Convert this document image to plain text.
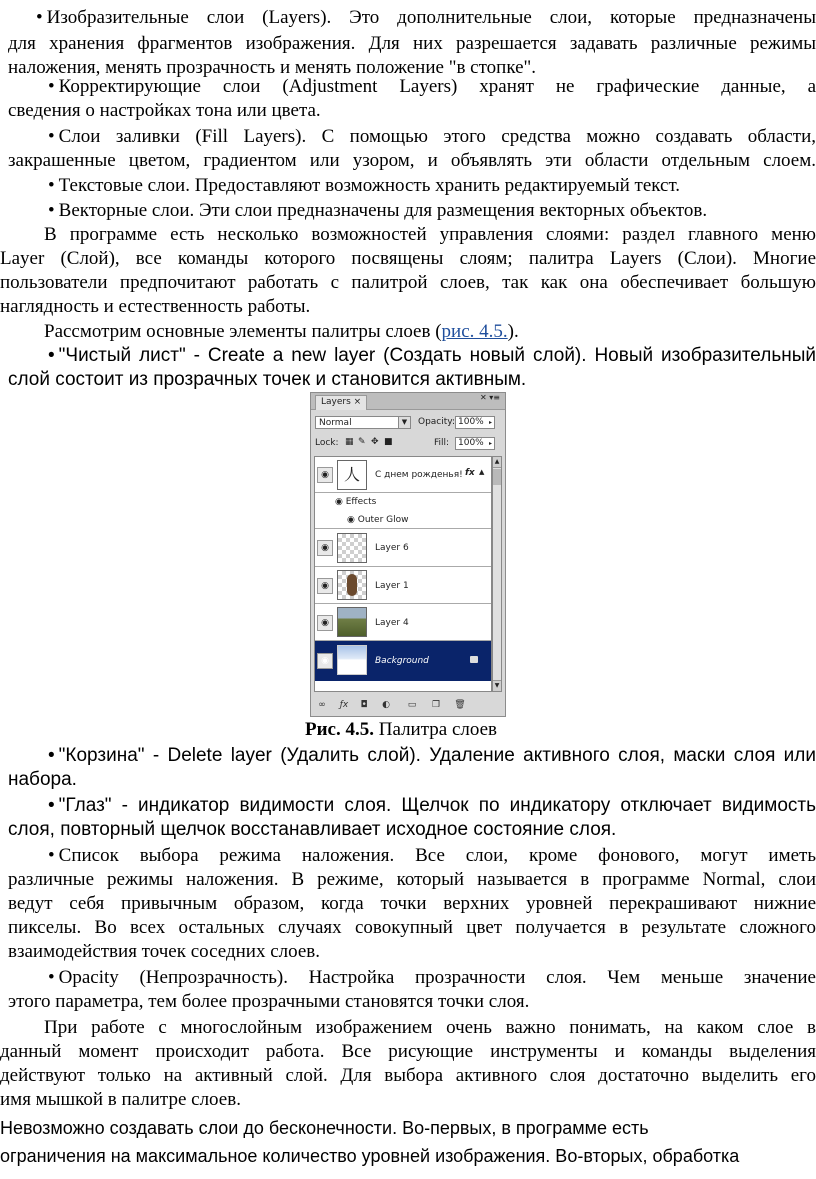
• Изобразительные слои (Layers). Это дополнительные слои, которые предназначены
для хранения фрагментов изображения. Для них разрешается задавать различные режимы
наложения, менять прозрачность и менять положение "в стопке".
• Корректирующие слои (Adjustment Layers) хранят не графические данные, а
сведения о настройках тона или цвета.
• Слои заливки (Fill Layers). С помощью этого средства можно создавать области,
закрашенные цветом, градиентом или узором, и объявлять эти области отдельным слоем.
• Текстовые слои. Предоставляют возможность хранить редактируемый текст.
• Векторные слои. Эти слои предназначены для размещения векторных объектов.
В программе есть несколько возможностей управления слоями: раздел главного меню
Layer (Слой), все команды которого посвящены слоям; палитра Layers (Слои). Многие
пользователи предпочитают работать с палитрой слоев, так как она обеспечивает большую
наглядность и естественность работы.
Рассмотрим основные элементы палитры слоев (рис. 4.5.).
• "Чистый лист" - Create a new layer (Создать новый слой). Новый изобразительный
слой состоит из прозрачных точек и становится активным.
Layers ×	✕ ▾≡
Normal	▼	Opacity: 100% ▸
Lock: ▦ ✎ ✥ ■	Fill: 100% ▸
◉ ⼈	С днем рожденья! fx ▲
◉ Effects
◉ Outer Glow
◉	Layer 6
◉	Layer 1
◉	Layer 4
◉	Background
▲
▼
∞ ƒx ◘ ◐ ▭ ❐ 🗑
Рис. 4.5. Палитра слоев
• "Корзина" - Delete layer (Удалить слой). Удаление активного слоя, маски слоя или
набора.
• "Глаз" - индикатор видимости слоя. Щелчок по индикатору отключает видимость
слоя, повторный щелчок восстанавливает исходное состояние слоя.
• Список выбора режима наложения. Все слои, кроме фонового, могут иметь
различные режимы наложения. В режиме, который называется в программе Normal, слои
ведут себя привычным образом, когда точки верхних уровней перекрашивают нижние
пикселы. Во всех остальных случаях совокупный цвет получается в результате сложного
взаимодействия точек соседних слоев.
• Opacity (Непрозрачность). Настройка прозрачности слоя. Чем меньше значение
этого параметра, тем более прозрачными становятся точки слоя.
При работе с многослойным изображением очень важно понимать, на каком слое в
данный момент происходит работа. Все рисующие инструменты и команды выделения
действуют только на активный слой. Для выбора активного слоя достаточно выделить его
имя мышкой в палитре слоев.
Невозможно создавать слои до бесконечности. Во-первых, в программе есть
ограничения на максимальное количество уровней изображения. Во-вторых, обработка
